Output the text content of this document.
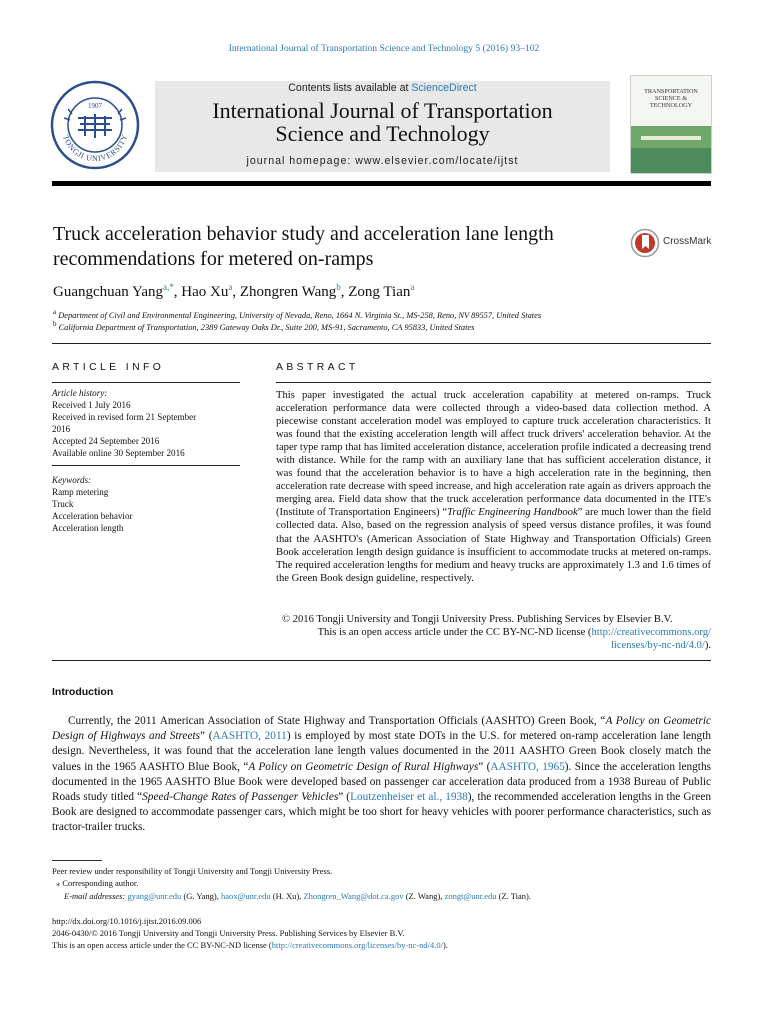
International Journal of Transportation Science and Technology 5 (2016) 93–102
TONGJI UNIVERSITY
1907
Contents lists available at ScienceDirect
International Journal of Transportation
Science and Technology
journal homepage: www.elsevier.com/locate/ijtst
TRANSPORTATION SCIENCE & TECHNOLOGY
Truck acceleration behavior study and acceleration lane length
recommendations for metered on-ramps
CrossMark
Guangchuan Yang$^{a,*}$, Hao Xu$^a$, Zhongren Wang$^b$, Zong Tian$^a$
$^a$ Department of Civil and Environmental Engineering, University of Nevada, Reno, 1664 N. Virginia St., MS-258, Reno, NV 89557, United States
$^b$ California Department of Transportation, 2389 Gateway Oaks Dr., Suite 200, MS-91, Sacramento, CA 95833, United States
ARTICLE INFO
Article history:
Received 1 July 2016
Received in revised form 21 September
2016
Accepted 24 September 2016
Available online 30 September 2016
Keywords:
Ramp metering
Truck
Acceleration behavior
Acceleration length
ABSTRACT
This paper investigated the actual truck acceleration capability at metered on-ramps. Truck acceleration performance data were collected through a video-based data collection method. A piecewise constant acceleration model was employed to capture truck acceleration characteristics. It was found that the existing acceleration length will affect truck drivers' acceleration behavior. At the taper type ramp that has limited acceleration distance, acceleration profile indicated a decreasing trend with distance. While for the ramp with an auxiliary lane that has sufficient acceleration distance, it was found that the acceleration behavior is to have a high acceleration rate in the beginning, then acceleration rate decrease with speed increase, and high acceleration rate again as drivers approach the merging area. Field data show that the truck acceleration performance data documented in the ITE's (Institute of Transportation Engineers) “Traffic Engineering Handbook” are much lower than the field collected data. Also, based on the regression analysis of speed versus distance profiles, it was found that the AASHTO's (American Association of State Highway and Transportation Officials) Green Book acceleration length design guidance is insufficient to accommodate trucks at metered on-ramps. The required acceleration lengths for medium and heavy trucks are approximately 1.3 and 1.6 times of the Green Book design guideline, respectively.
© 2016 Tongji University and Tongji University Press. Publishing Services by Elsevier B.V.
This is an open access article under the CC BY-NC-ND license (http://creativecommons.org/
licenses/by-nc-nd/4.0/).
Introduction

Currently, the 2011 American Association of State Highway and Transportation Officials (AASHTO) Green Book, “A Policy on Geometric Design of Highways and Streets” (AASHTO, 2011) is employed by most state DOTs in the U.S. for metered on-ramp acceleration lane length design. Nevertheless, it was found that the acceleration lane length values documented in the 2011 AASHTO Green Book closely match the values in the 1965 AASHTO Blue Book, “A Policy on Geometric Design of Rural Highways” (AASHTO, 1965). Since the acceleration lengths documented in the 1965 AASHTO Blue Book were developed based on passenger car acceleration data produced from a 1938 Bureau of Public Roads study titled “Speed-Change Rates of Passenger Vehicles” (Loutzenheiser et al., 1938), the recommended acceleration lengths in the Green Book are designed to accommodate passenger cars, which might be too short for heavy vehicles with poorer performance characteristics, such as tractor-trailer trucks.

Peer review under responsibility of Tongji University and Tongji University Press.
⁎ Corresponding author.
E-mail addresses: gyang@unr.edu (G. Yang), haox@unr.edu (H. Xu), Zhongren_Wang@dot.ca.gov (Z. Wang), zongt@unr.edu (Z. Tian).
http://dx.doi.org/10.1016/j.ijtst.2016.09.006
2046-0430/© 2016 Tongji University and Tongji University Press. Publishing Services by Elsevier B.V.
This is an open access article under the CC BY-NC-ND license (http://creativecommons.org/licenses/by-nc-nd/4.0/).
